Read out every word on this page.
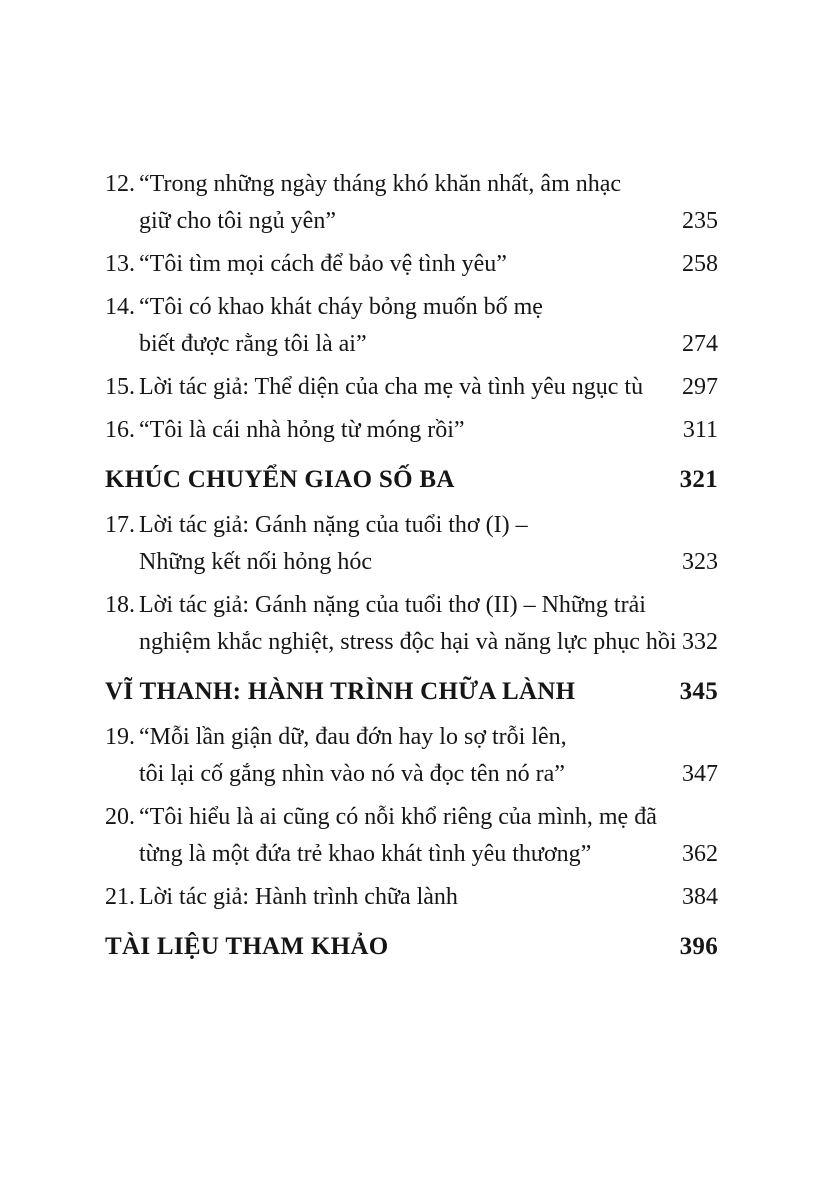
12. “Trong những ngày tháng khó khăn nhất, âm nhạc
giữ cho tôi ngủ yên”	235
13. “Tôi tìm mọi cách để bảo vệ tình yêu”	258
14. “Tôi có khao khát cháy bỏng muốn bố mẹ
biết được rằng tôi là ai”	274
15. Lời tác giả: Thể diện của cha mẹ và tình yêu ngục tù	297
16. “Tôi là cái nhà hỏng từ móng rồi”	311
KHÚC CHUYỂN GIAO SỐ BA	321
17. Lời tác giả: Gánh nặng của tuổi thơ (I) –
Những kết nối hỏng hóc	323
18. Lời tác giả: Gánh nặng của tuổi thơ (II) – Những trải
nghiệm khắc nghiệt, stress độc hại và năng lực phục hồi 332
VĨ THANH: HÀNH TRÌNH CHỮA LÀNH	345
19. “Mỗi lần giận dữ, đau đớn hay lo sợ trỗi lên,
tôi lại cố gắng nhìn vào nó và đọc tên nó ra”	347
20. “Tôi hiểu là ai cũng có nỗi khổ riêng của mình, mẹ đã
từng là một đứa trẻ khao khát tình yêu thương”	362
21. Lời tác giả: Hành trình chữa lành	384
TÀI LIỆU THAM KHẢO	396
